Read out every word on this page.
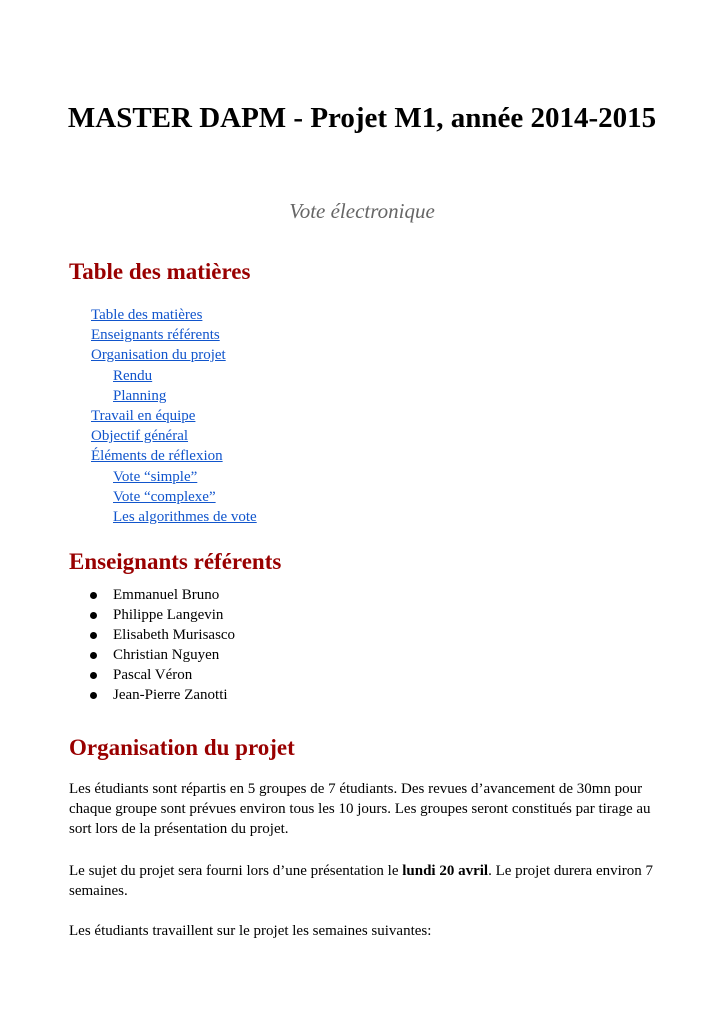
MASTER DAPM - Projet M1, année 2014-2015

Vote électronique

Table des matières
Table des matières
Enseignants référents
Organisation du projet
Rendu
Planning
Travail en équipe
Objectif général
Éléments de réflexion
Vote “simple”
Vote “complexe”
Les algorithmes de vote
Enseignants référents
Emmanuel Bruno
Philippe Langevin
Elisabeth Murisasco
Christian Nguyen
Pascal Véron
Jean-Pierre Zanotti
Organisation du projet

Les étudiants sont répartis en 5 groupes de 7 étudiants. Des revues d’avancement de 30mn pour chaque groupe sont prévues environ tous les 10 jours. Les groupes seront constitués par tirage au sort lors de la présentation du projet.

Le sujet du projet sera fourni lors d’une présentation le lundi 20 avril. Le projet durera environ 7 semaines.

Les étudiants travaillent sur le projet les semaines suivantes:
